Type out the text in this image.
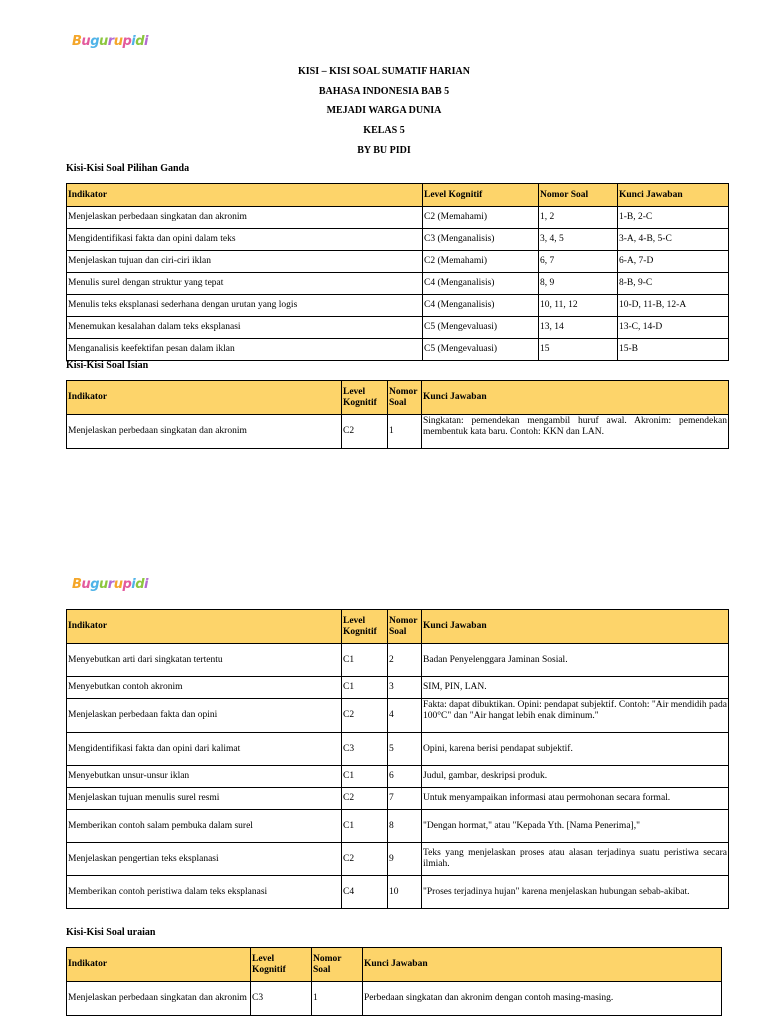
Bugurupidi
KISI – KISI SOAL SUMATIF HARIAN
BAHASA INDONESIA BAB 5
MEJADI WARGA DUNIA
KELAS 5
BY BU PIDI
Kisi-Kisi Soal Pilihan Ganda
Indikator	Level Kognitif	Nomor Soal	Kunci Jawaban
Menjelaskan perbedaan singkatan dan akronim	C2 (Memahami)	1, 2	1-B, 2-C
Mengidentifikasi fakta dan opini dalam teks	C3 (Menganalisis)	3, 4, 5	3-A, 4-B, 5-C
Menjelaskan tujuan dan ciri-ciri iklan	C2 (Memahami)	6, 7	6-A, 7-D
Menulis surel dengan struktur yang tepat	C4 (Menganalisis)	8, 9	8-B, 9-C
Menulis teks eksplanasi sederhana dengan urutan yang logis	C4 (Menganalisis)	10, 11, 12	10-D, 11-B, 12-A
Menemukan kesalahan dalam teks eksplanasi	C5 (Mengevaluasi)	13, 14	13-C, 14-D
Menganalisis keefektifan pesan dalam iklan	C5 (Mengevaluasi)	15	15-B
Kisi-Kisi Soal Isian
Indikator	Level Kognitif	Nomor Soal	Kunci Jawaban
Menjelaskan perbedaan singkatan dan akronim	C2	1	Singkatan: pemendekan mengambil huruf awal. Akronim: pemendekan membentuk kata baru. Contoh: KKN dan LAN.
Bugurupidi
Indikator	Level Kognitif	Nomor Soal	Kunci Jawaban
Menyebutkan arti dari singkatan tertentu	C1	2	Badan Penyelenggara Jaminan Sosial.
Menyebutkan contoh akronim	C1	3	SIM, PIN, LAN.
Menjelaskan perbedaan fakta dan opini	C2	4	Fakta: dapat dibuktikan. Opini: pendapat subjektif. Contoh: "Air mendidih pada 100°C" dan "Air hangat lebih enak diminum."
Mengidentifikasi fakta dan opini dari kalimat	C3	5	Opini, karena berisi pendapat subjektif.
Menyebutkan unsur-unsur iklan	C1	6	Judul, gambar, deskripsi produk.
Menjelaskan tujuan menulis surel resmi	C2	7	Untuk menyampaikan informasi atau permohonan secara formal.
Memberikan contoh salam pembuka dalam surel	C1	8	"Dengan hormat," atau "Kepada Yth. [Nama Penerima],"
Menjelaskan pengertian teks eksplanasi	C2	9	Teks yang menjelaskan proses atau alasan terjadinya suatu peristiwa secara ilmiah.
Memberikan contoh peristiwa dalam teks eksplanasi	C4	10	"Proses terjadinya hujan" karena menjelaskan hubungan sebab-akibat.
Kisi-Kisi Soal uraian
Indikator	Level Kognitif	Nomor Soal	Kunci Jawaban
Menjelaskan perbedaan singkatan dan akronim	C3	1	Perbedaan singkatan dan akronim dengan contoh masing-masing.
